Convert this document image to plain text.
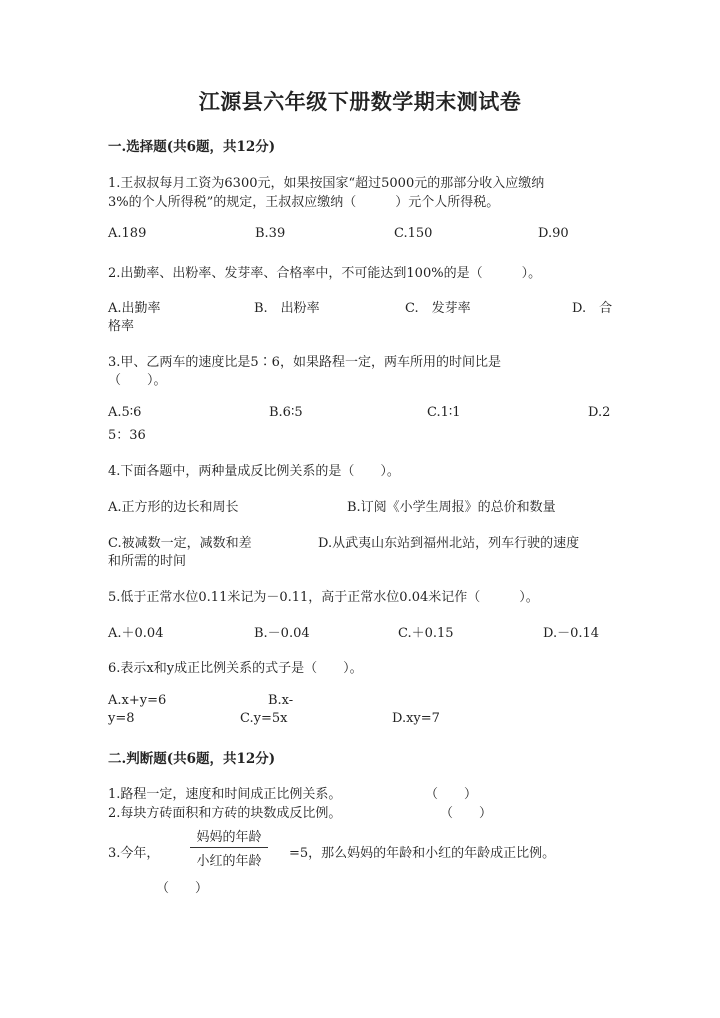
江源县六年级下册数学期末测试卷
一.选择题(共6题，共12分)
1.王叔叔每月工资为6300元，如果按国家“超过5000元的那部分收入应缴纳
3%的个人所得税”的规定，王叔叔应缴纳（　　　）元个人所得税。
A.189	B.39	C.150	D.90
2.出勤率、出粉率、发芽率、合格率中，不可能达到100%的是（　　　）。
A.出勤率	B.　出粉率	C.　发芽率	D.　合
格率
3.甲、乙两车的速度比是5∶6，如果路程一定，两车所用的时间比是
（　　）。
A.5∶6	B.6∶5	C.1∶1	D.2
5：36
4.下面各题中，两种量成反比例关系的是（　　）。
A.正方形的边长和周长	B.订阅《小学生周报》的总价和数量
C.被减数一定，减数和差	D.从武夷山东站到福州北站，列车行驶的速度
和所需的时间
5.低于正常水位0.11米记为－0.11，高于正常水位0.04米记作（　　　）。
A.＋0.04	B.－0.04	C.＋0.15	D.－0.14
6.表示x和y成正比例关系的式子是（　　）。
A.x+y=6	B.x-
y=8	C.y=5x	D.xy=7
二.判断题(共6题，共12分)
1.路程一定，速度和时间成正比例关系。	（　　）
2.每块方砖面积和方砖的块数成反比例。	（　　）
3.今年，
妈妈的年龄
小红的年龄
=5，那么妈妈的年龄和小红的年龄成正比例。
（　　）
